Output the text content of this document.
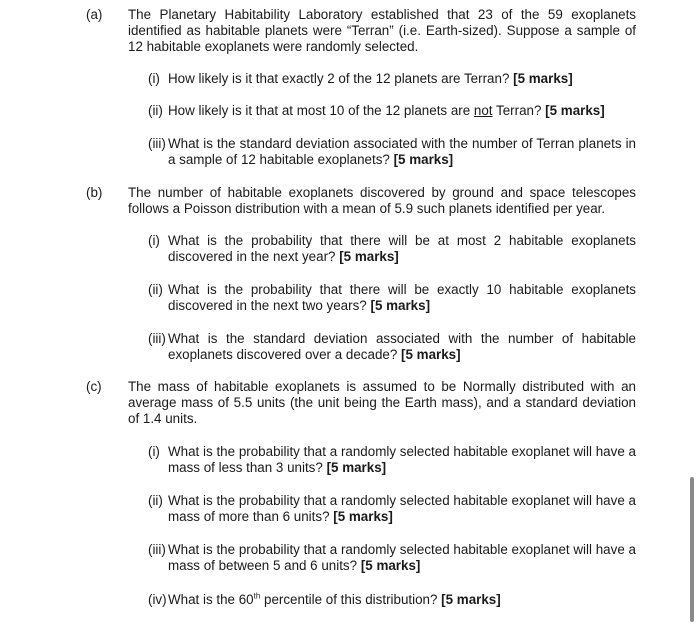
(a) The Planetary Habitability Laboratory established that 23 of the 59 exoplanets identified as habitable planets were “Terran” (i.e. Earth-sized). Suppose a sample of 12 habitable exoplanets were randomly selected.
(i) How likely is it that exactly 2 of the 12 planets are Terran? [5 marks]
(ii) How likely is it that at most 10 of the 12 planets are not Terran? [5 marks]
(iii) What is the standard deviation associated with the number of Terran planets in a sample of 12 habitable exoplanets? [5 marks]
(b) The number of habitable exoplanets discovered by ground and space telescopes follows a Poisson distribution with a mean of 5.9 such planets identified per year.
(i) What is the probability that there will be at most 2 habitable exoplanets discovered in the next year? [5 marks]
(ii) What is the probability that there will be exactly 10 habitable exoplanets discovered in the next two years? [5 marks]
(iii) What is the standard deviation associated with the number of habitable exoplanets discovered over a decade? [5 marks]
(c) The mass of habitable exoplanets is assumed to be Normally distributed with an average mass of 5.5 units (the unit being the Earth mass), and a standard deviation of 1.4 units.
(i) What is the probability that a randomly selected habitable exoplanet will have a mass of less than 3 units? [5 marks]
(ii) What is the probability that a randomly selected habitable exoplanet will have a mass of more than 6 units? [5 marks]
(iii) What is the probability that a randomly selected habitable exoplanet will have a mass of between 5 and 6 units? [5 marks]
(iv) What is the 60th percentile of this distribution? [5 marks]
